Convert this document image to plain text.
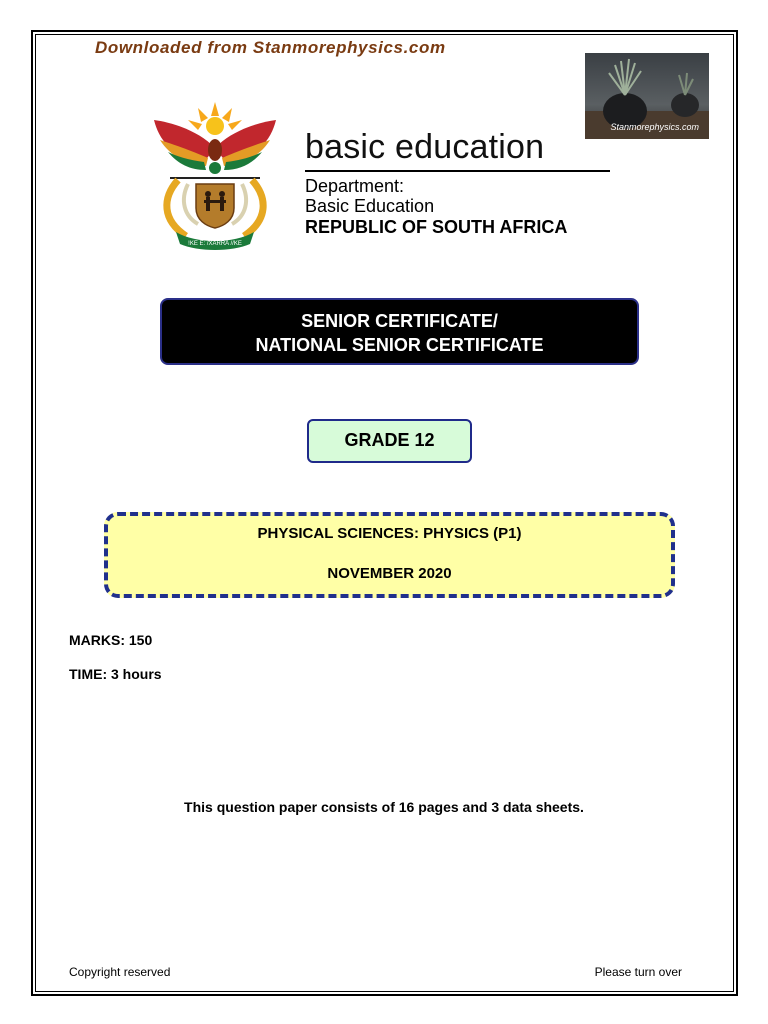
Downloaded from Stanmorephysics.com
Stanmorephysics.com
!KE E: /XARRA //KE
basic education
Department:
Basic Education
REPUBLIC OF SOUTH AFRICA
SENIOR CERTIFICATE/
NATIONAL SENIOR CERTIFICATE
GRADE 12
PHYSICAL SCIENCES: PHYSICS (P1)
NOVEMBER 2020
MARKS: 150
TIME: 3 hours
This question paper consists of 16 pages and 3 data sheets.
Copyright reserved	Please turn over
